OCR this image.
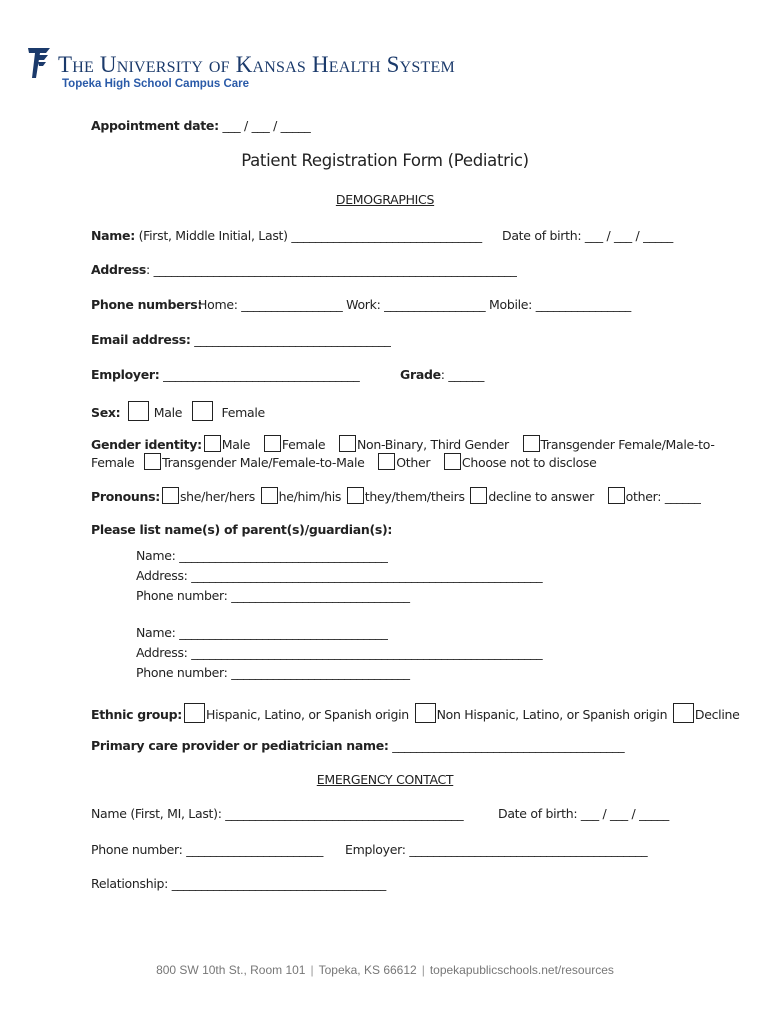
The University of Kansas Health System
Topeka High School Campus Care
Appointment date: ___ / ___ / _____
Patient Registration Form (Pediatric)
DEMOGRAPHICS
Name: (First, Middle Initial, Last) ________________________________ Date of birth: ___ / ___ / _____
Address: _____________________________________________________________
Phone numbers:
Home: _________________ Work: _________________ Mobile: ________________
Email address: _________________________________
Employer: _________________________________	Grade: ______
Sex:	Male	Female
Gender identity: Male	Female	Non-Binary, Third Gender	Transgender Female/Male-to-
Female Transgender Male/Female-to-Male	Other	Choose not to disclose
Pronouns: she/her/hers he/him/his they/them/theirs decline to answer	other: ______
Please list name(s) of parent(s)/guardian(s):
Name: ___________________________________
Address: ___________________________________________________________
Phone number: ______________________________
Name: ___________________________________
Address: ___________________________________________________________
Phone number: ______________________________
Ethnic group: Hispanic, Latino, or Spanish origin Non Hispanic, Latino, or Spanish origin Decline
Primary care provider or pediatrician name: _______________________________________
EMERGENCY CONTACT
Name (First, MI, Last): ________________________________________	Date of birth: ___ / ___ / _____
Phone number: _______________________ Employer: ________________________________________
Relationship: ____________________________________
800 SW 10th St., Room 101 | Topeka, KS 66612 | topekapublicschools.net/resources
